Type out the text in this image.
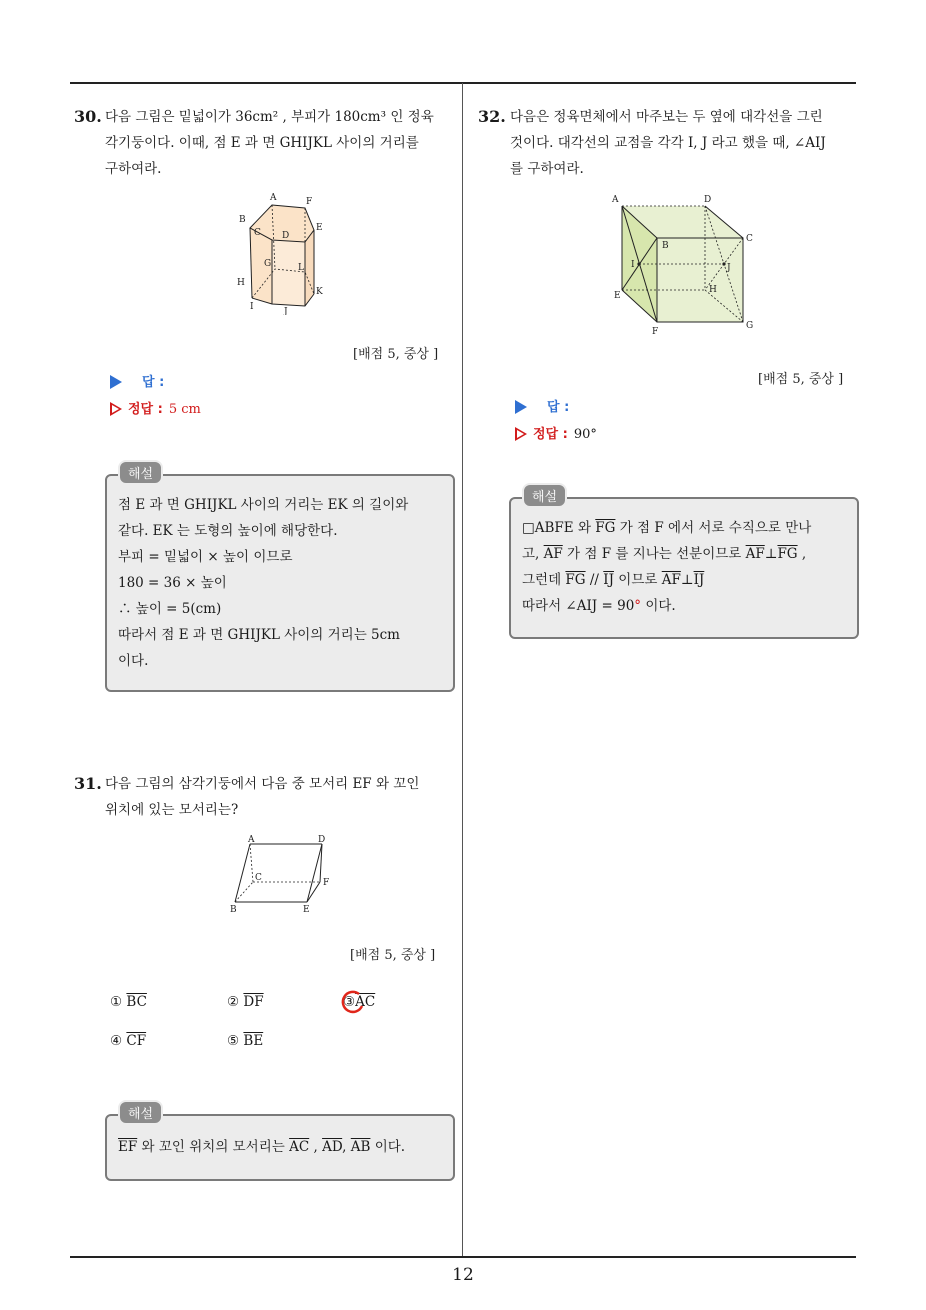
12
30. 다음 그림은 밑넓이가 36cm² , 부피가 180cm³ 인 정육
각기둥이다. 이때, 점 E 과 면 GHIJKL 사이의 거리를
구하여라.
A	F
B
E
C D
G	L
H
K
I	J
[배점 5, 중상 ]
답 :
정답 : 5 cm
해설
점 E 과 면 GHIJKL 사이의 거리는 EK 의 길이와
같다. EK 는 도형의 높이에 해당한다.
부피 = 밑넓이 × 높이 이므로
180 = 36 × 높이
∴ 높이 = 5(cm)
따라서 점 E 과 면 GHIJKL 사이의 거리는 5cm
이다.
31. 다음 그림의 삼각기둥에서 다음 중 모서리 EF 와 꼬인
위치에 있는 모서리는?
A	D
C	F
B	E
[배점 5, 중상 ]
① $\overline{BC}$	② $\overline{DF}$	$③\overline{AC}$
④ $\overline{CF}$	⑤ $\overline{BE}$
해설
$\overline{EF}$ 와 꼬인 위치의 모서리는 $\overline{AC}$ , $\overline{AD}$, $\overline{AB}$ 이다.
32. 다음은 정육면체에서 마주보는 두 옆에 대각선을 그린
것이다. 대각선의 교점을 각각 I, J 라고 했을 때, ∠AIJ
를 구하여라.
A	D
B
C
I	J
H
E
F
G
[배점 5, 중상 ]
답 :
정답 : 90°
해설
□ABFE 와 $\overline{FG}$ 가 점 F 에서 서로 수직으로 만나
고, $\overline{AF}$ 가 점 F 를 지나는 선분이므로 $\overline{AF}\perp\overline{FG}$ ,
그런데 $\overline{FG} // \overline{IJ}$ 이므로 $\overline{AF}\perp\overline{IJ}$
따라서 ∠AIJ = 90° 이다.
